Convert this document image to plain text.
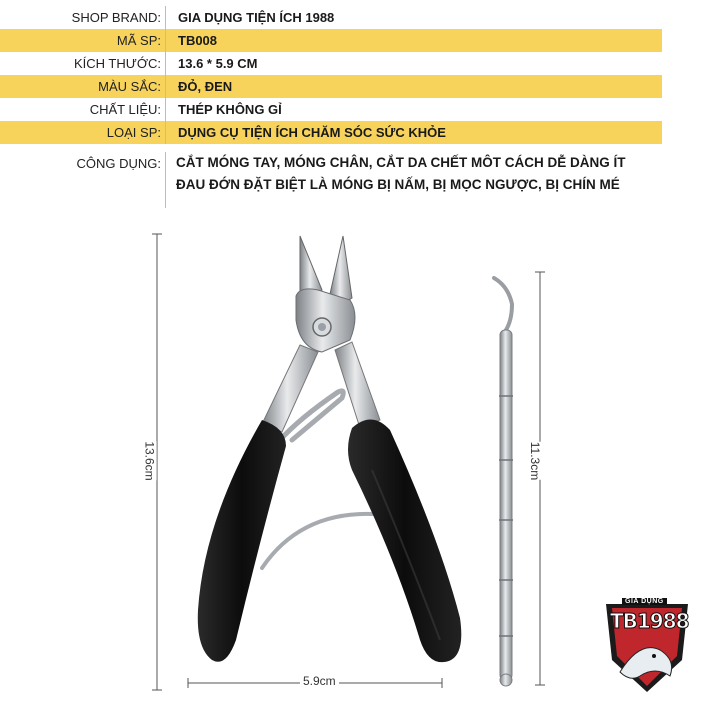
SHOP BRAND:	GIA DỤNG TIỆN ÍCH 1988
MÃ SP:	TB008
KÍCH THƯỚC:	13.6 * 5.9 CM
MÀU SẮC:	ĐỎ, ĐEN
CHẤT LIỆU:	THÉP KHÔNG GỈ
LOẠI SP:	DỤNG CỤ TIỆN ÍCH CHĂM SÓC SỨC KHỎE
CÔNG DỤNG:	CẮT MÓNG TAY, MÓNG CHÂN, CẮT DA CHẾT MÔT CÁCH DỄ DÀNG ÍT ĐAU ĐỚN ĐẶT BIỆT LÀ MÓNG BỊ NẤM, BỊ MỌC NGƯỢC, BỊ CHÍN MÉ
13.6cm	11.3cm
5.9cm
GIA DỤNG
TB1988
